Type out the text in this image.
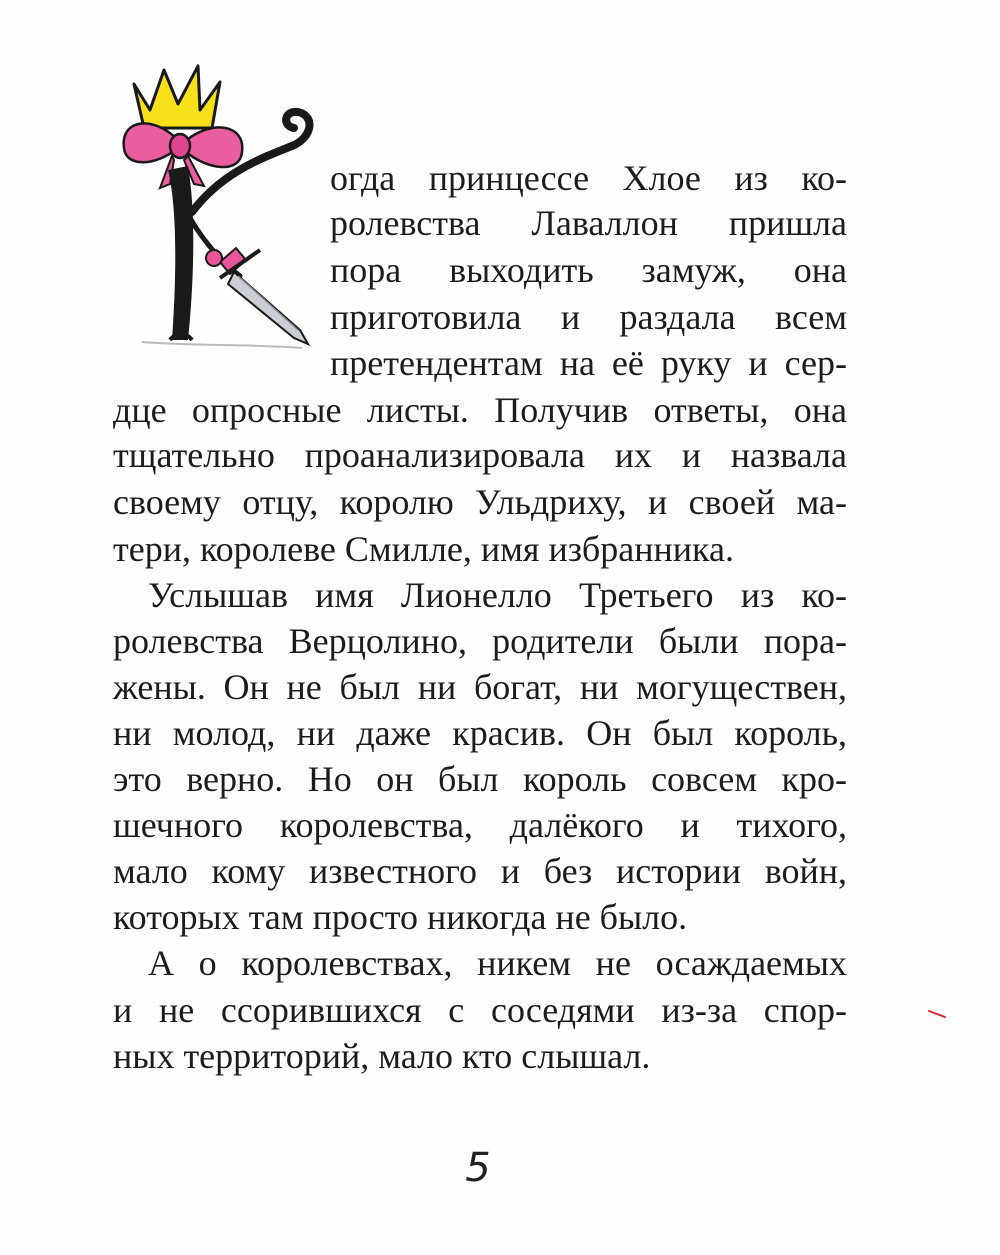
огда принцессе Хлое из ко-
ролевства Лаваллон пришла
пора выходить замуж, она
приготовила и раздала всем
претендентам на её руку и сер-
дце опросные листы. Получив ответы, она
тщательно проанализировала их и назвала
своему отцу, королю Ульдриху, и своей ма-
тери, королеве Смилле, имя избранника.
Услышав имя Лионелло Третьего из ко-
ролевства Верцолино, родители были пора-
жены. Он не был ни богат, ни могуществен,
ни молод, ни даже красив. Он был король,
это верно. Но он был король совсем кро-
шечного королевства, далёкого и тихого,
мало кому известного и без истории войн,
которых там просто никогда не было.
А о королевствах, никем не осаждаемых
и не ссорившихся с соседями из-за спор-
ных территорий, мало кто слышал.
5
